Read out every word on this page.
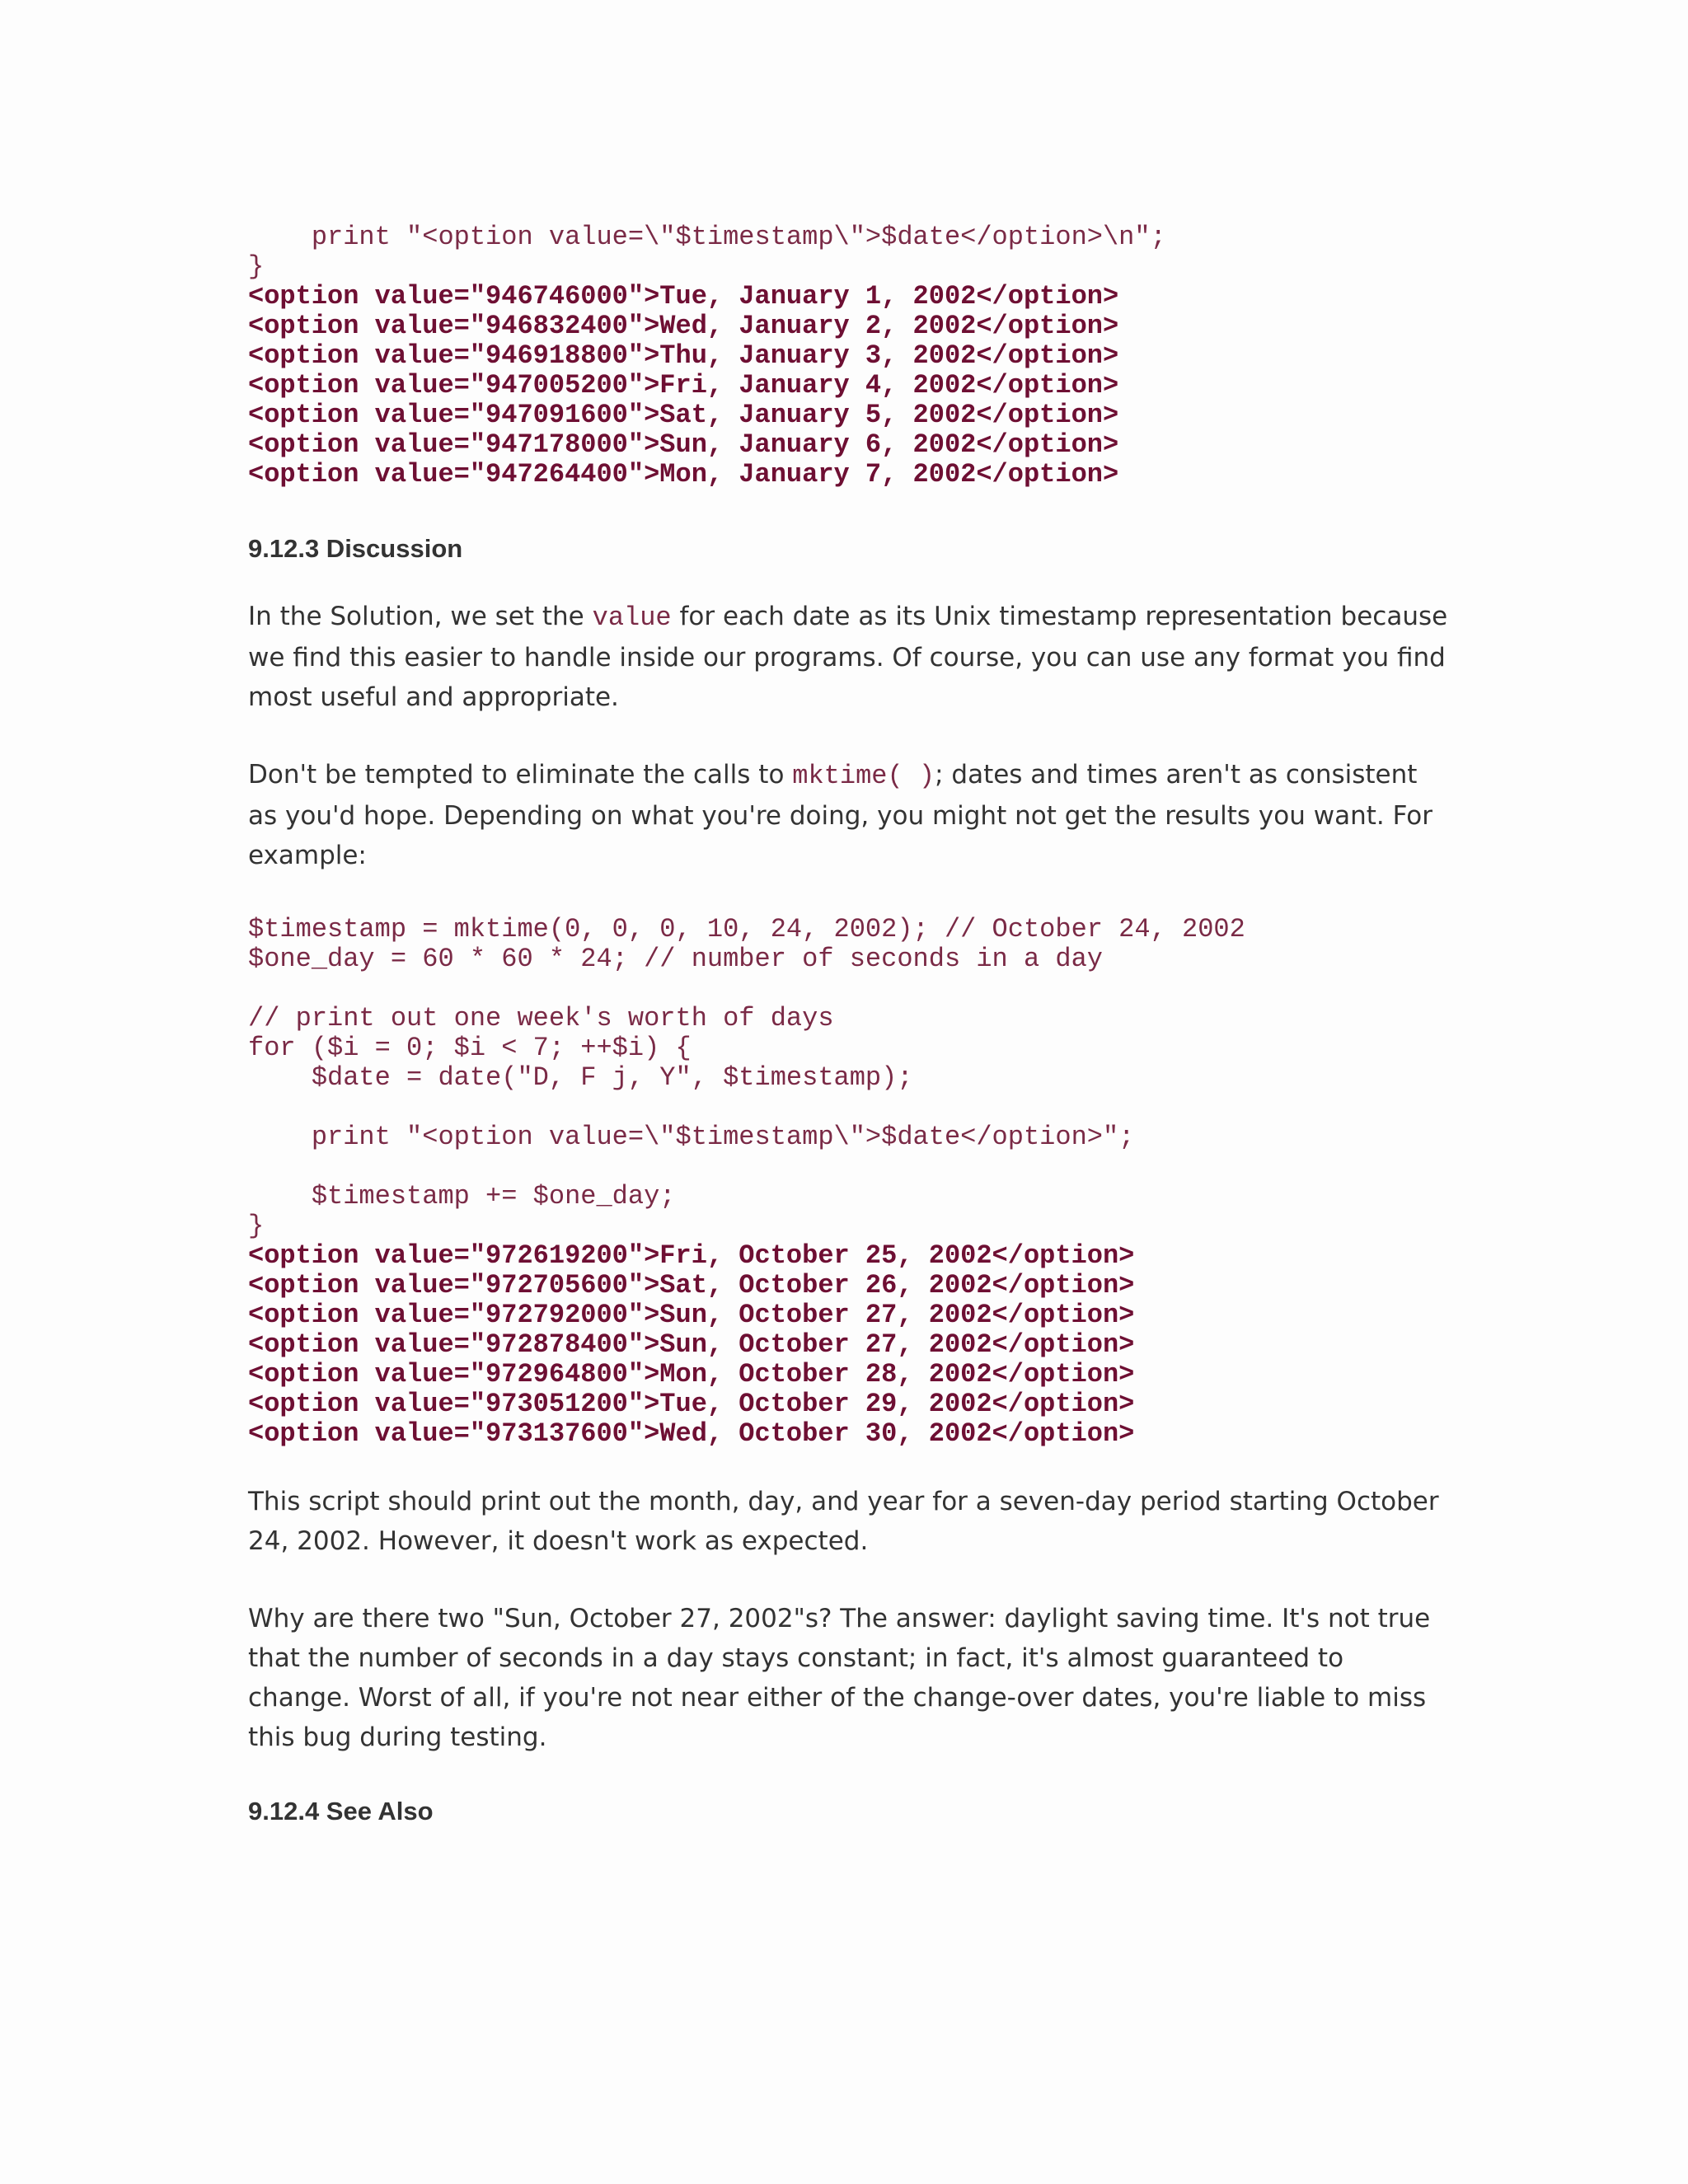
print "<option value=\"$timestamp\">$date</option>\n";
}
<option value="946746000">Tue, January 1, 2002</option>
<option value="946832400">Wed, January 2, 2002</option>
<option value="946918800">Thu, January 3, 2002</option>
<option value="947005200">Fri, January 4, 2002</option>
<option value="947091600">Sat, January 5, 2002</option>
<option value="947178000">Sun, January 6, 2002</option>
<option value="947264400">Mon, January 7, 2002</option>
9.12.3 Discussion

In the Solution, we set the value for each date as its Unix timestamp representation because we find this easier to handle inside our programs. Of course, you can use any format you find most useful and appropriate.

Don't be tempted to eliminate the calls to mktime( ); dates and times aren't as consistent as you'd hope. Depending on what you're doing, you might not get the results you want. For example:

$timestamp = mktime(0, 0, 0, 10, 24, 2002); // October 24, 2002
$one_day = 60 * 60 * 24; // number of seconds in a day
// print out one week's worth of days
for ($i = 0; $i < 7; ++$i) {
$date = date("D, F j, Y", $timestamp);
print "<option value=\"$timestamp\">$date</option>";
$timestamp += $one_day;
}
<option value="972619200">Fri, October 25, 2002</option>
<option value="972705600">Sat, October 26, 2002</option>
<option value="972792000">Sun, October 27, 2002</option>
<option value="972878400">Sun, October 27, 2002</option>
<option value="972964800">Mon, October 28, 2002</option>
<option value="973051200">Tue, October 29, 2002</option>
<option value="973137600">Wed, October 30, 2002</option>

This script should print out the month, day, and year for a seven-day period starting October 24, 2002. However, it doesn't work as expected.

Why are there two "Sun, October 27, 2002"s? The answer: daylight saving time. It's not true that the number of seconds in a day stays constant; in fact, it's almost guaranteed to change. Worst of all, if you're not near either of the change-over dates, you're liable to miss this bug during testing.

9.12.4 See Also
